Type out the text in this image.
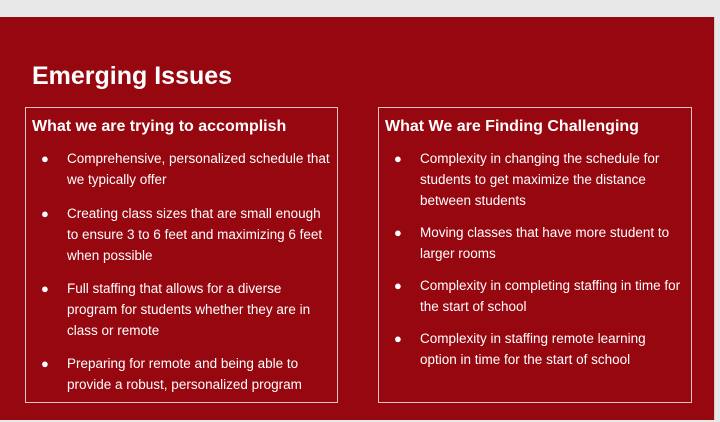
Emerging Issues
What we are trying to accomplish
● Comprehensive, personalized schedule that we typically offer
● Creating class sizes that are small enough to ensure 3 to 6 feet and maximizing 6 feet when possible
● Full staffing that allows for a diverse program for students whether they are in class or remote
● Preparing for remote and being able to provide a robust, personalized program
What We are Finding Challenging
● Complexity in changing the schedule for students to get maximize the distance between students
● Moving classes that have more student to larger rooms
● Complexity in completing staffing in time for the start of school
● Complexity in staffing remote learning option in time for the start of school
